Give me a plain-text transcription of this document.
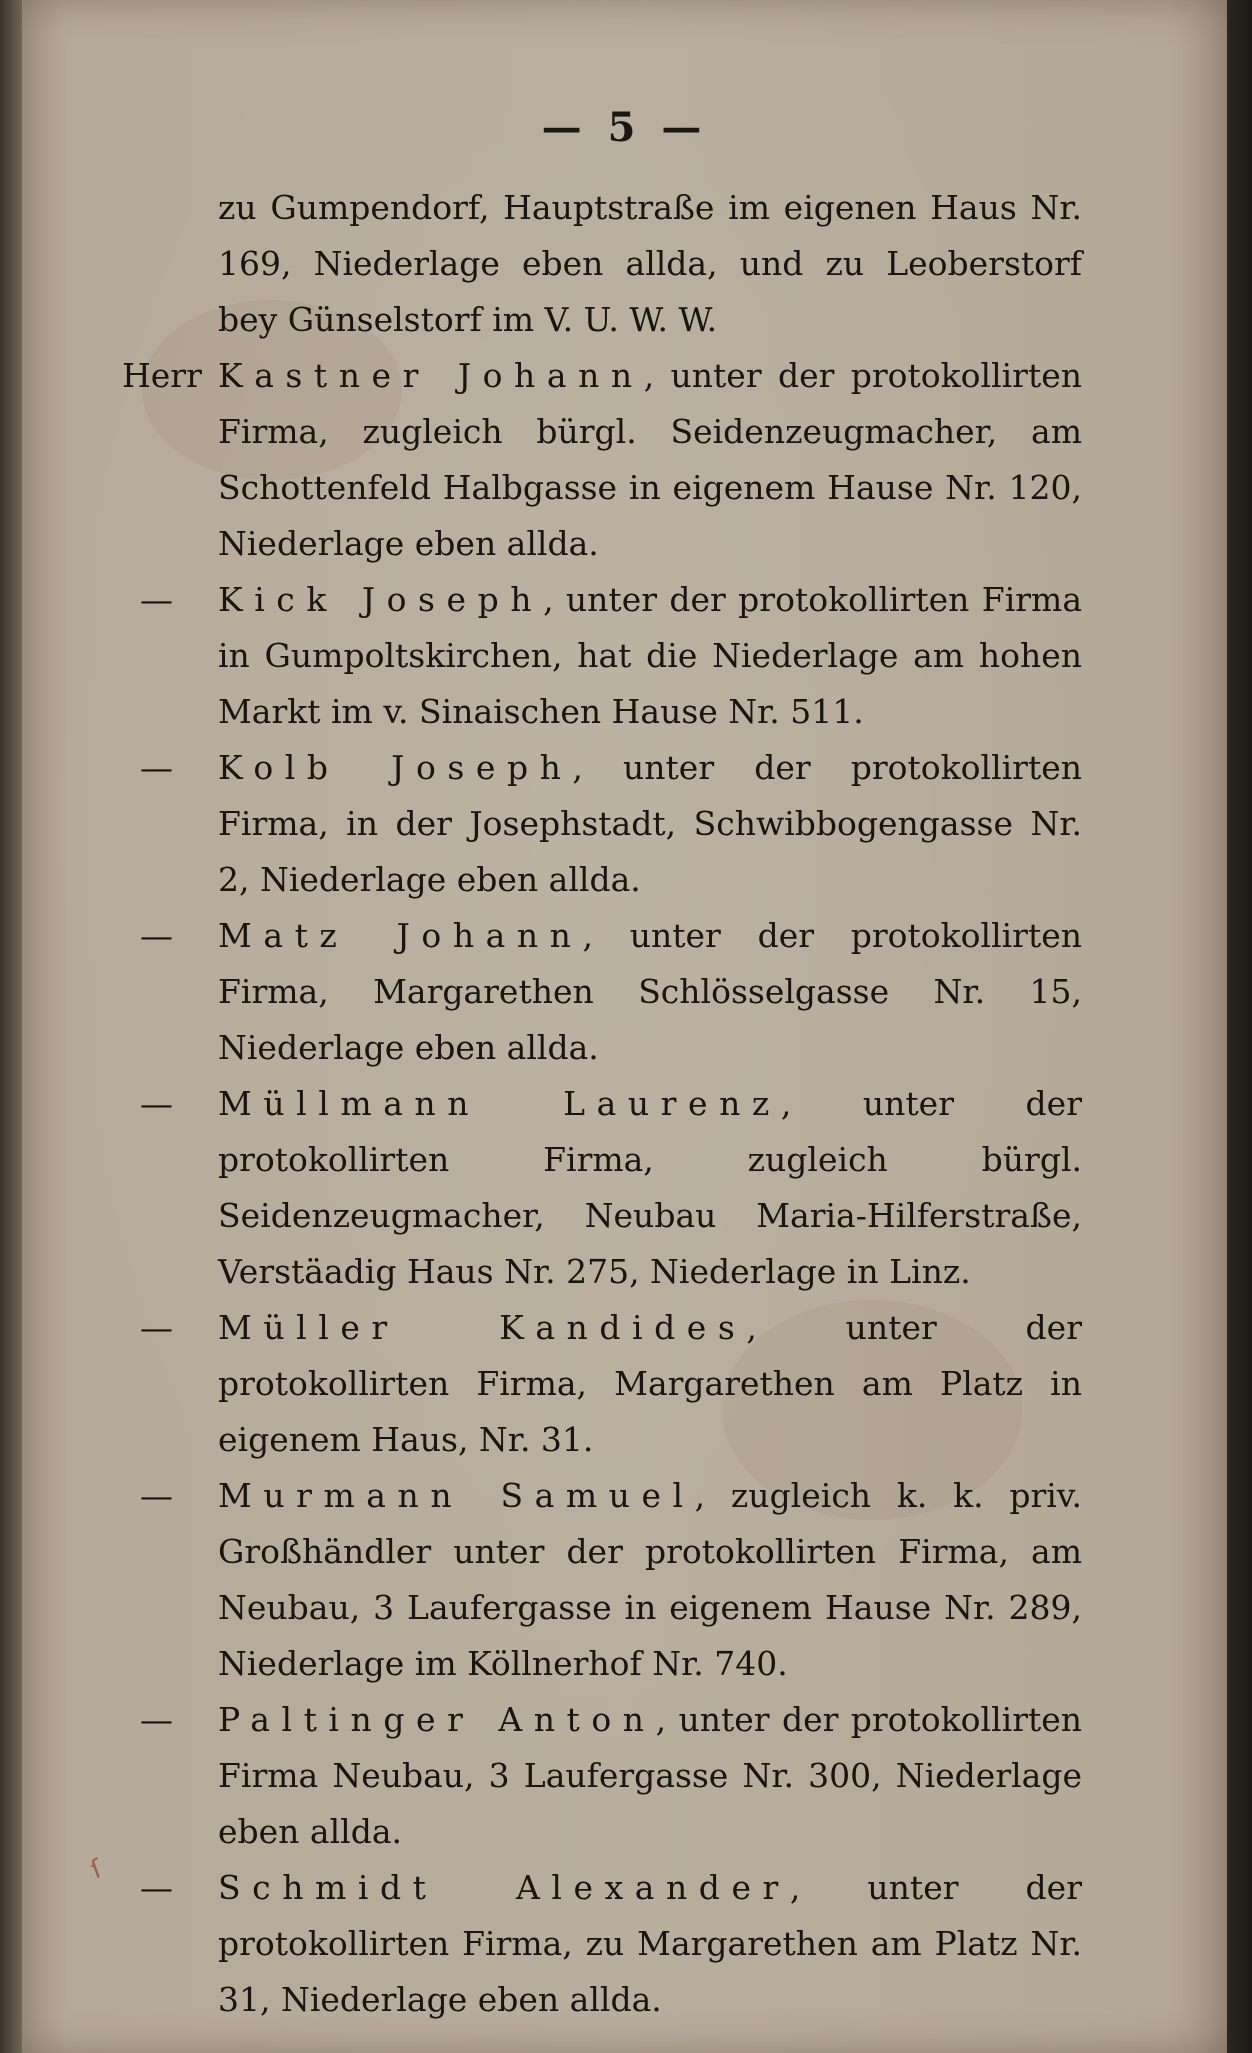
— 5 —
zu Gumpendorf, Hauptstraße im eigenen Haus Nr. 169, Niederlage eben allda, und zu Leoberstorf bey Günselstorf im V. U. W. W.
Herr Kastner Johann, unter der protokollirten Firma, zugleich bürgl. Seidenzeugmacher, am Schottenfeld Halbgasse in eigenem Hause Nr. 120, Niederlage eben allda.
—	Kick Joseph, unter der protokollirten Firma in Gumpoltskirchen, hat die Niederlage am hohen Markt im v. Sinaischen Hause Nr. 511.
—	Kolb Joseph, unter der protokollirten Firma, in der Josephstadt, Schwibbogengasse Nr. 2, Niederlage eben allda.
—	Matz Johann, unter der protokollirten Firma, Margarethen Schlösselgasse Nr. 15, Niederlage eben allda.
—	Müllmann Laurenz, unter der protokollirten Firma, zugleich bürgl. Seidenzeugmacher, Neubau Maria-Hilferstraße, Verstäadig Haus Nr. 275, Niederlage in Linz.
—	Müller Kandides, unter der protokollirten Firma, Margarethen am Platz in eigenem Haus, Nr. 31.
—	Murmann Samuel, zugleich k. k. priv. Großhändler unter der protokollirten Firma, am Neubau, 3 Laufergasse in eigenem Hause Nr. 289, Niederlage im Köllnerhof Nr. 740.
—	Paltinger Anton, unter der protokollirten Firma Neubau, 3 Laufergasse Nr. 300, Niederlage eben allda.
—	Schmidt Alexander, unter der protokollirten Firma, zu Margarethen am Platz Nr. 31, Niederlage eben allda.
ſ
